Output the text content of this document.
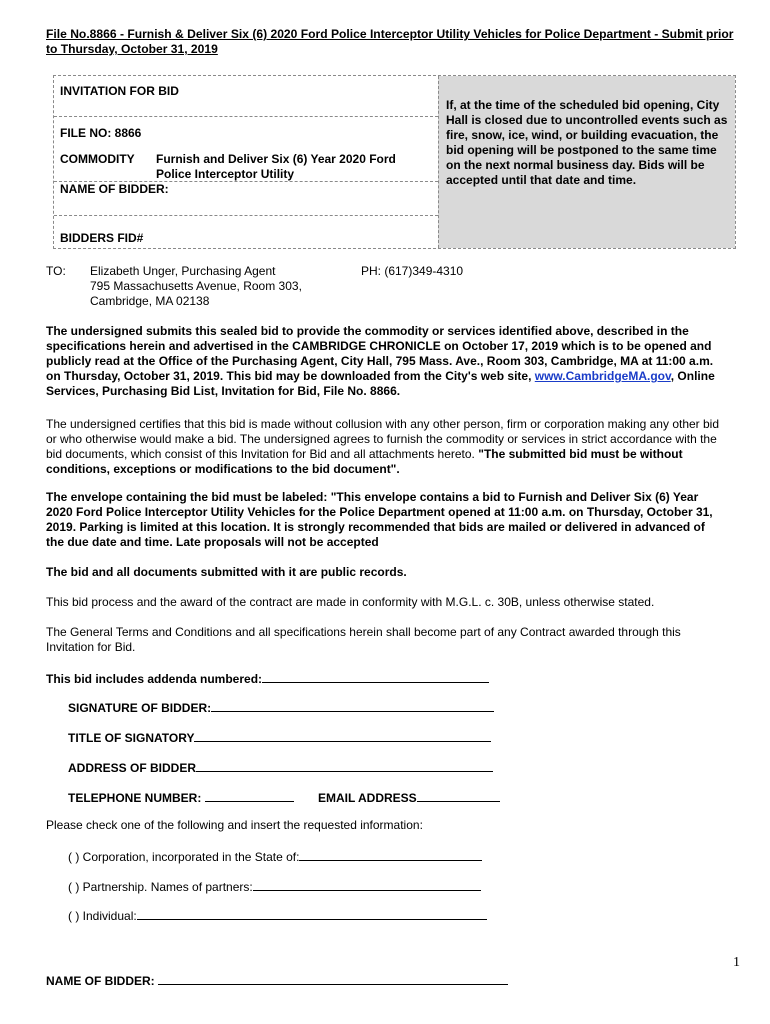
File No.8866 - Furnish & Deliver Six (6) 2020 Ford Police Interceptor Utility Vehicles for Police Department - Submit prior to Thursday, October 31, 2019
INVITATION FOR BID
FILE NO: 8866
COMMODITY Furnish and Deliver Six (6) Year 2020 Ford Police Interceptor Utility
NAME OF BIDDER:
BIDDERS FID#
If, at the time of the scheduled bid opening, City Hall is closed due to uncontrolled events such as fire, snow, ice, wind, or building evacuation, the bid opening will be postponed to the same time on the next normal business day. Bids will be accepted until that date and time.
TO: Elizabeth Unger, Purchasing Agent
795 Massachusetts Avenue, Room 303,
Cambridge, MA 02138
PH: (617)349-4310
The undersigned submits this sealed bid to provide the commodity or services identified above, described in the specifications herein and advertised in the CAMBRIDGE CHRONICLE on October 17, 2019 which is to be opened and publicly read at the Office of the Purchasing Agent, City Hall, 795 Mass. Ave., Room 303, Cambridge, MA at 11:00 a.m. on Thursday, October 31, 2019. This bid may be downloaded from the City's web site, www.CambridgeMA.gov, Online Services, Purchasing Bid List, Invitation for Bid, File No. 8866.
The undersigned certifies that this bid is made without collusion with any other person, firm or corporation making any other bid or who otherwise would make a bid. The undersigned agrees to furnish the commodity or services in strict accordance with the bid documents, which consist of this Invitation for Bid and all attachments hereto. "The submitted bid must be without conditions, exceptions or modifications to the bid document".
The envelope containing the bid must be labeled: "This envelope contains a bid to Furnish and Deliver Six (6) Year 2020 Ford Police Interceptor Utility Vehicles for the Police Department opened at 11:00 a.m. on Thursday, October 31, 2019. Parking is limited at this location. It is strongly recommended that bids are mailed or delivered in advanced of the due date and time. Late proposals will not be accepted
The bid and all documents submitted with it are public records.
This bid process and the award of the contract are made in conformity with M.G.L. c. 30B, unless otherwise stated.
The General Terms and Conditions and all specifications herein shall become part of any Contract awarded through this Invitation for Bid.
This bid includes addenda numbered:
SIGNATURE OF BIDDER:
TITLE OF SIGNATORY
ADDRESS OF BIDDER
TELEPHONE NUMBER:	EMAIL ADDRESS
Please check one of the following and insert the requested information:
( ) Corporation, incorporated in the State of:
( ) Partnership. Names of partners:
( ) Individual:
1
NAME OF BIDDER:
